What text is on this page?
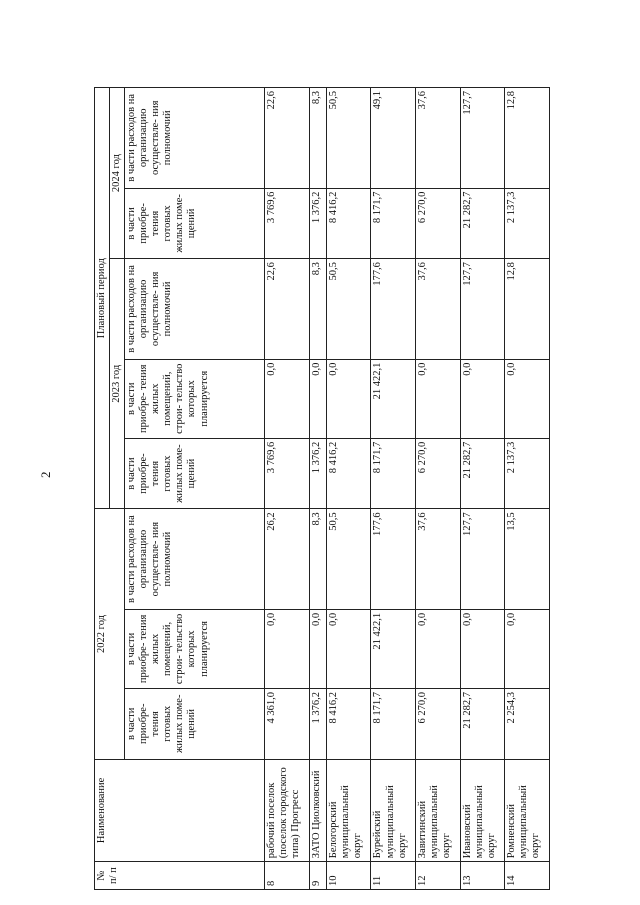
2
№ п/ п	Наименование	2022 год			Плановый период				
					2023 год			2024 год	
		в части приобре- тения готовых жилых поме- щений	в части приобре- тения жилых помещений, строи- тельство которых планируется	в части расходов на организацию осуществле- ния полномочий	в части приобре- тения готовых жилых поме- щений	в части приобре- тения жилых помещений, строи- тельство которых планируется	в части расходов на организацию осуществле- ния полномочий	в части приобре- тения готовых жилых поме- щений	в части расходов на организацию осуществле- ния полномочий
8	рабочий поселок (поселок городского типа) Прогресс	4 361,0	0,0	26,2	3 769,6	0,0	22,6	3 769,6	22,6
9	ЗАТО Циолковский	1 376,2	0,0	8,3	1 376,2	0,0	8,3	1 376,2	8,3
10	Белогорский муниципальный округ	8 416,2	0,0	50,5	8 416,2	0,0	50,5	8 416,2	50,5
11	Бурейский муниципальный округ	8 171,7	21 422,1	177,6	8 171,7	21 422,1	177,6	8 171,7	49,1
12	Завитинский муниципальный округ	6 270,0	0,0	37,6	6 270,0	0,0	37,6	6 270,0	37,6
13	Ивановский муниципальный округ	21 282,7	0,0	127,7	21 282,7	0,0	127,7	21 282,7	127,7
14	Ромненский муниципальный округ	2 254,3	0,0	13,5	2 137,3	0,0	12,8	2 137,3	12,8
